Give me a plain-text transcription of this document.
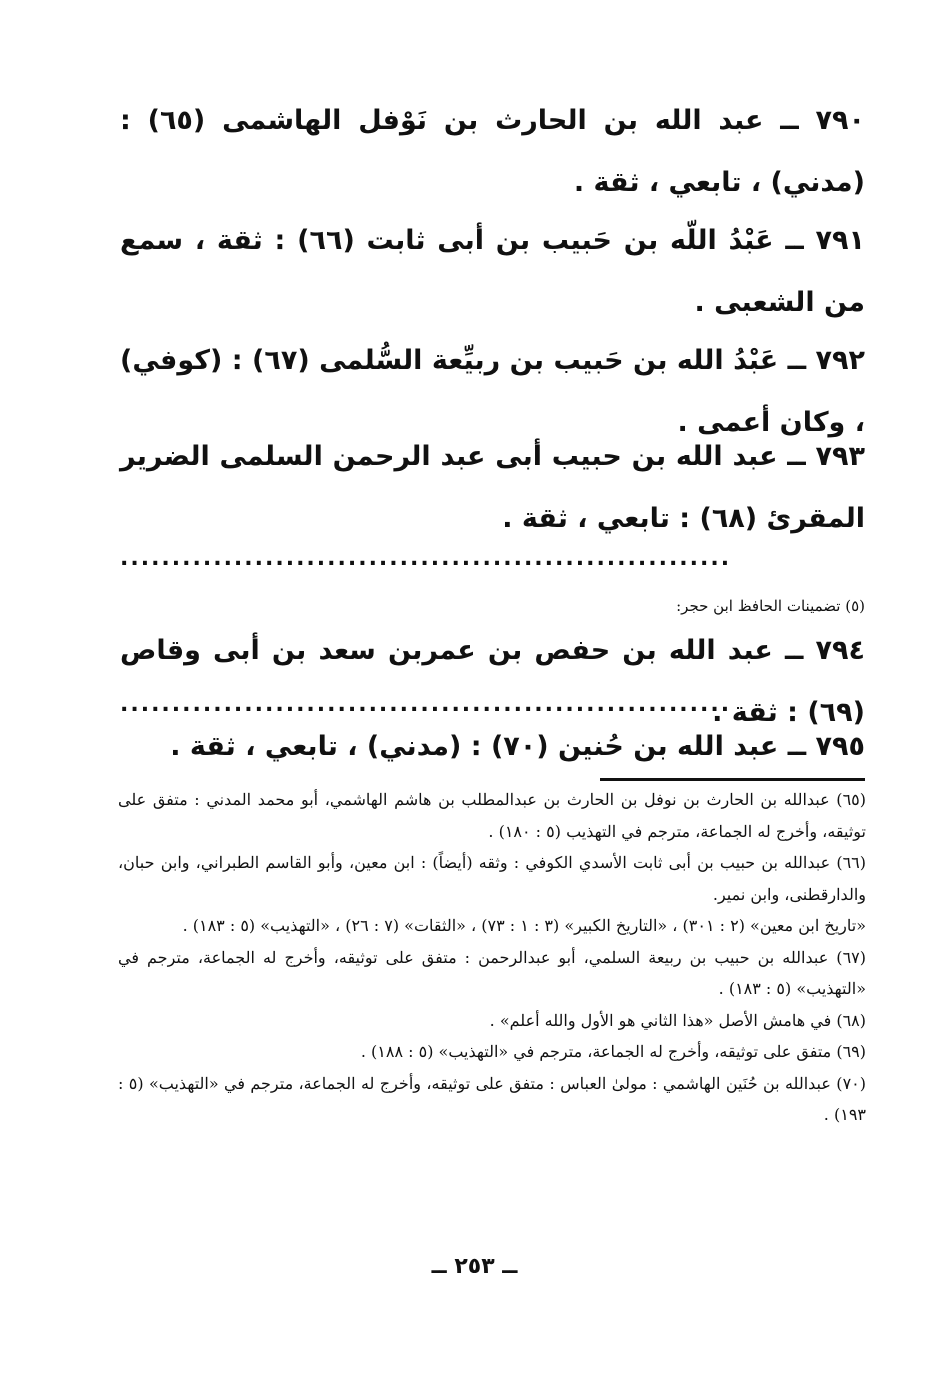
٧٩٠ ــ عبد الله بن الحارث بن نَوْفل الهاشمى (٦٥) : (مدني) ، تابعي ، ثقة .

٧٩١ ــ عَبْدُ اللّه بن حَبيب بن أبى ثابت (٦٦) : ثقة ، سمع من الشعبى .

٧٩٢ ــ عَبْدُ الله بن حَبيب بن ربيِّعة السُّلمى (٦٧) : (كوفي) ، وكان أعمى .

٧٩٣ ــ عبد الله بن حبيب أبى عبد الرحمن السلمى الضرير المقرئ (٦٨) : تابعي ، ثقة .

...........................................................

(٥) تضمينات الحافظ ابن حجر:

٧٩٤ ــ عبد الله بن حفص بن عمربن سعد بن أبى وقاص (٦٩) : ثقة .

...........................................................

٧٩٥ ــ عبد الله بن حُنين (٧٠) : (مدني) ، تابعي ، ثقة .

(٦٥) عبدالله بن الحارث بن نوفل بن الحارث بن عبدالمطلب بن هاشم الهاشمي، أبو محمد المدني : متفق على توثيقه، وأخرج له الجماعة، مترجم في التهذيب (٥ : ١٨٠) .

(٦٦) عبدالله بن حبيب بن أبى ثابت الأسدي الكوفي : وثقه (أيضاً) : ابن معين، وأبو القاسم الطبراني، وابن حبان، والدارقطنى، وابن نمير.

«تاريخ ابن معين» (٢ : ٣٠١) ، «التاريخ الكبير» (٣ : ١ : ٧٣) ، «الثقات» (٧ : ٢٦) ، «التهذيب» (٥ : ١٨٣) .

(٦٧) عبدالله بن حبيب بن ربيعة السلمي، أبو عبدالرحمن : متفق على توثيقه، وأخرج له الجماعة، مترجم في «التهذيب» (٥ : ١٨٣) .

(٦٨) في هامش الأصل «هذا الثاني هو الأول والله أعلم» .

(٦٩) متفق على توثيقه، وأخرج له الجماعة، مترجم في «التهذيب» (٥ : ١٨٨) .

(٧٠) عبدالله بن حُنَين الهاشمي : مولىٰ العباس : متفق على توثيقه، وأخرج له الجماعة، مترجم في «التهذيب» (٥ : ١٩٣) .

ــ ٢٥٣ ــ
